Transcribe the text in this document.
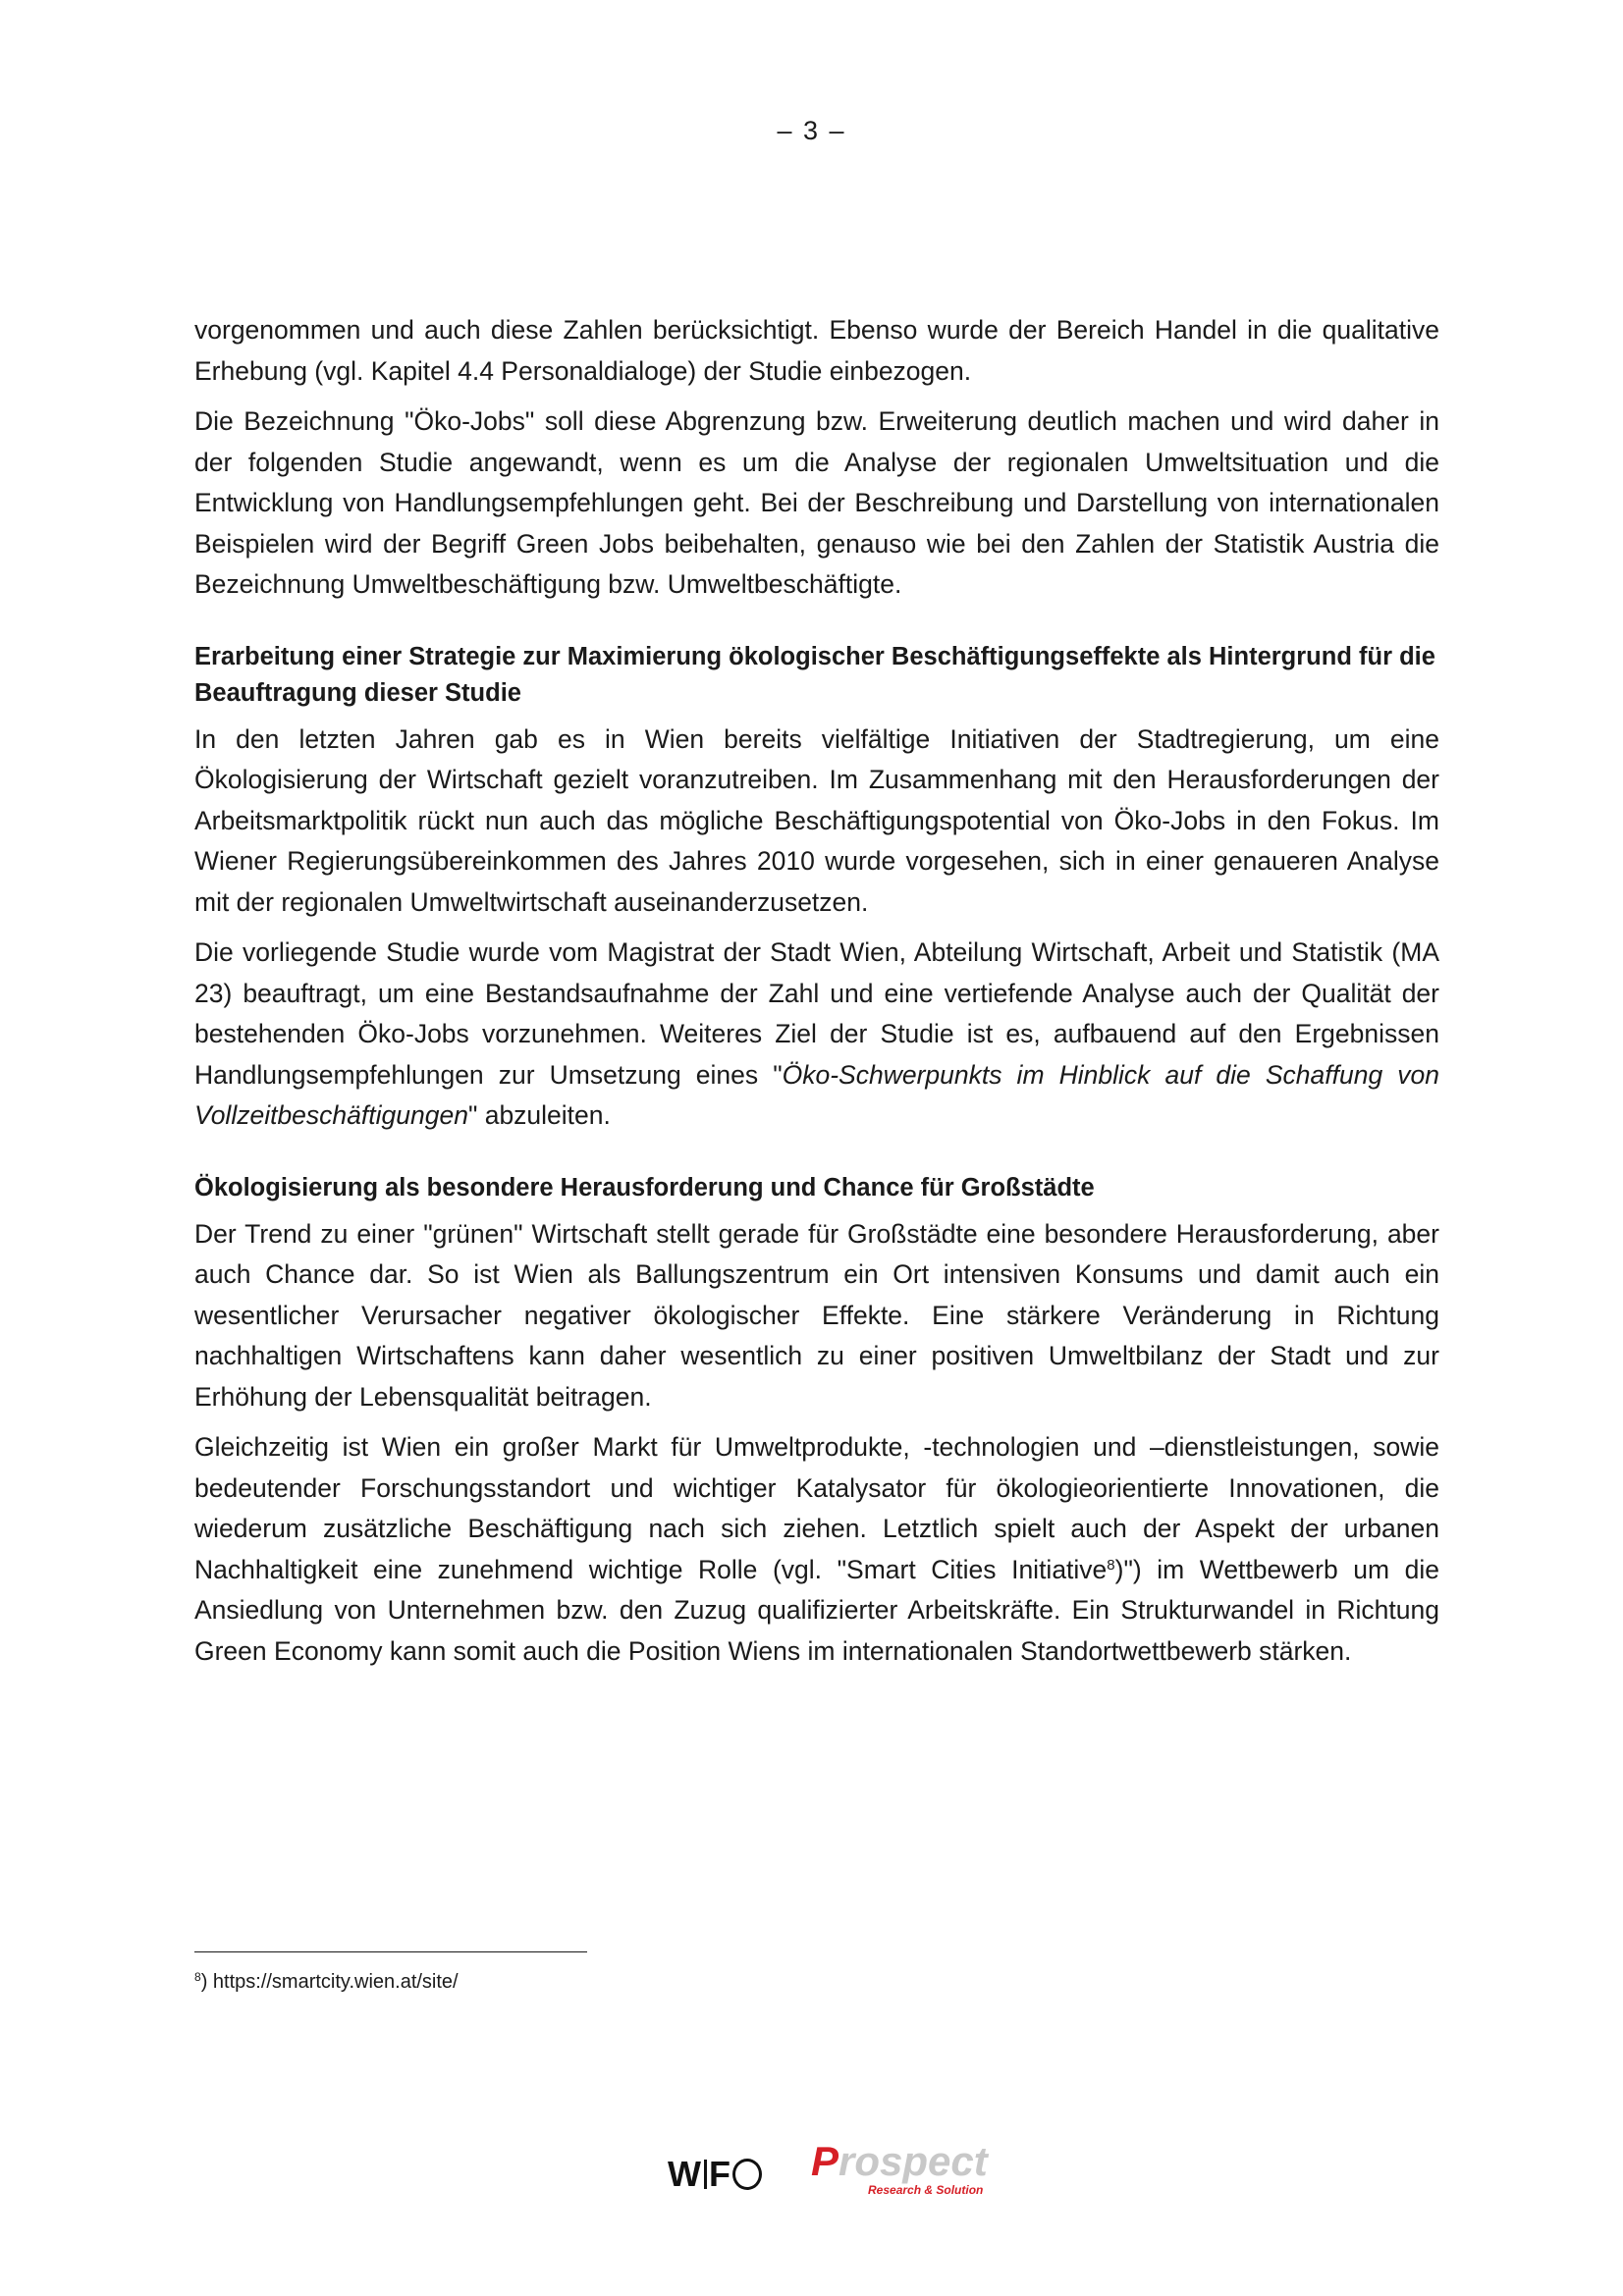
– 3 –

vorgenommen und auch diese Zahlen berücksichtigt. Ebenso wurde der Bereich Handel in die qualitative Erhebung (vgl. Kapitel 4.4 Personaldialoge) der Studie einbezogen.

Die Bezeichnung "Öko-Jobs" soll diese Abgrenzung bzw. Erweiterung deutlich machen und wird daher in der folgenden Studie angewandt, wenn es um die Analyse der regionalen Umweltsituation und die Entwicklung von Handlungsempfehlungen geht. Bei der Beschreibung und Darstellung von internationalen Beispielen wird der Begriff Green Jobs beibehalten, genauso wie bei den Zahlen der Statistik Austria die Bezeichnung Umweltbeschäftigung bzw. Umweltbeschäftigte.

Erarbeitung einer Strategie zur Maximierung ökologischer Beschäftigungseffekte als Hintergrund für die Beauftragung dieser Studie

In den letzten Jahren gab es in Wien bereits vielfältige Initiativen der Stadtregierung, um eine Ökologisierung der Wirtschaft gezielt voranzutreiben. Im Zusammenhang mit den Herausforderungen der Arbeitsmarktpolitik rückt nun auch das mögliche Beschäftigungspotential von Öko-Jobs in den Fokus. Im Wiener Regierungsübereinkommen des Jahres 2010 wurde vorgesehen, sich in einer genaueren Analyse mit der regionalen Umweltwirtschaft auseinanderzusetzen.

Die vorliegende Studie wurde vom Magistrat der Stadt Wien, Abteilung Wirtschaft, Arbeit und Statistik (MA 23) beauftragt, um eine Bestandsaufnahme der Zahl und eine vertiefende Analyse auch der Qualität der bestehenden Öko-Jobs vorzunehmen. Weiteres Ziel der Studie ist es, aufbauend auf den Ergebnissen Handlungsempfehlungen zur Umsetzung eines "Öko-Schwerpunkts im Hinblick auf die Schaffung von Vollzeitbeschäftigungen" abzuleiten.

Ökologisierung als besondere Herausforderung und Chance für Großstädte

Der Trend zu einer "grünen" Wirtschaft stellt gerade für Großstädte eine besondere Herausforderung, aber auch Chance dar. So ist Wien als Ballungszentrum ein Ort intensiven Konsums und damit auch ein wesentlicher Verursacher negativer ökologischer Effekte. Eine stärkere Veränderung in Richtung nachhaltigen Wirtschaftens kann daher wesentlich zu einer positiven Umweltbilanz der Stadt und zur Erhöhung der Lebensqualität beitragen.

Gleichzeitig ist Wien ein großer Markt für Umweltprodukte, -technologien und –dienstleistungen, sowie bedeutender Forschungsstandort und wichtiger Katalysator für ökologieorientierte Innovationen, die wiederum zusätzliche Beschäftigung nach sich ziehen. Letztlich spielt auch der Aspekt der urbanen Nachhaltigkeit eine zunehmend wichtige Rolle (vgl. "Smart Cities Initiative$^8$)") im Wettbewerb um die Ansiedlung von Unternehmen bzw. den Zuzug qualifizierter Arbeitskräfte. Ein Strukturwandel in Richtung Green Economy kann somit auch die Position Wiens im internationalen Standortwettbewerb stärken.

$^8$) https://smartcity.wien.at/site/
W F	Prospect
Research & Solution
